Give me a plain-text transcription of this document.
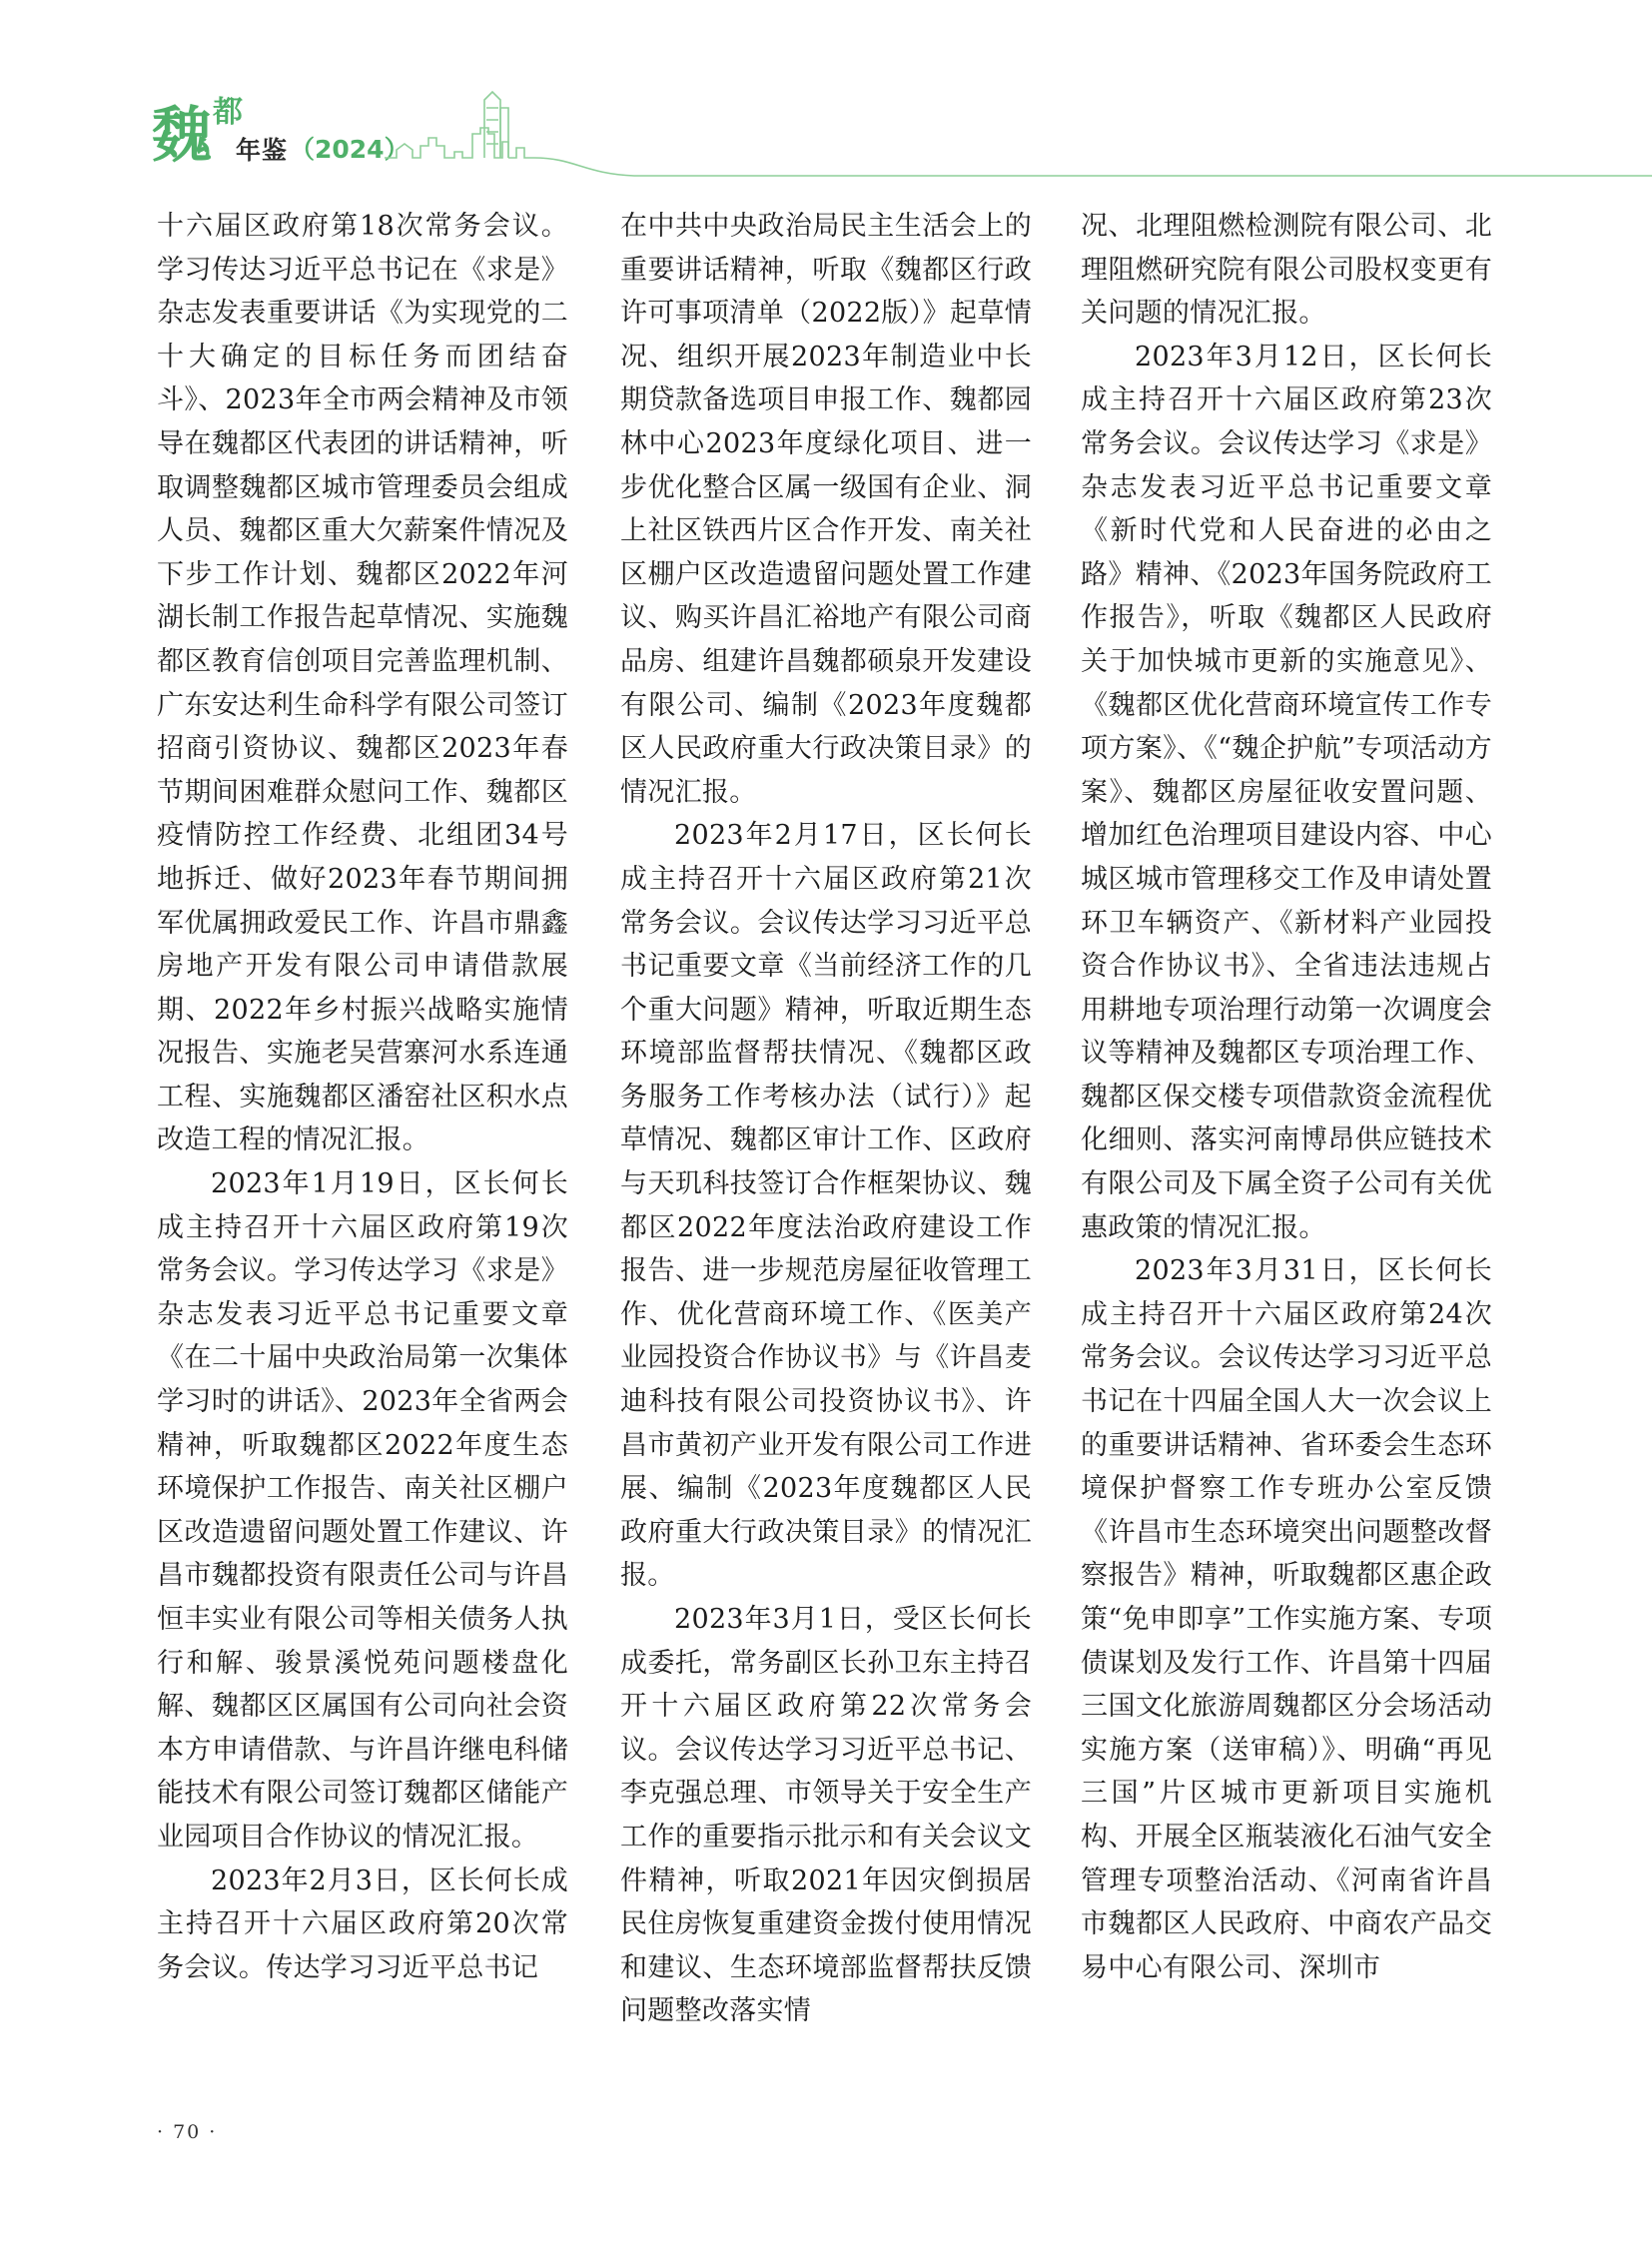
魏 都
年鉴 （2024）

十六届区政府第18次常务会议。学习传达习近平总书记在《求是》杂志发表重要讲话《为实现党的二十大确定的目标任务而团结奋斗》、2023年全市两会精神及市领导在魏都区代表团的讲话精神，听取调整魏都区城市管理委员会组成人员、魏都区重大欠薪案件情况及下步工作计划、魏都区2022年河湖长制工作报告起草情况、实施魏都区教育信创项目完善监理机制、广东安达利生命科学有限公司签订招商引资协议、魏都区2023年春节期间困难群众慰问工作、魏都区疫情防控工作经费、北组团34号地拆迁、做好2023年春节期间拥军优属拥政爱民工作、许昌市鼎鑫房地产开发有限公司申请借款展期、2022年乡村振兴战略实施情况报告、实施老吴营寨河水系连通工程、实施魏都区潘窑社区积水点改造工程的情况汇报。

2023年1月19日，区长何长成主持召开十六届区政府第19次常务会议。学习传达学习《求是》杂志发表习近平总书记重要文章《在二十届中央政治局第一次集体学习时的讲话》、2023年全省两会精神，听取魏都区2022年度生态环境保护工作报告、南关社区棚户区改造遗留问题处置工作建议、许昌市魏都投资有限责任公司与许昌恒丰实业有限公司等相关债务人执行和解、骏景溪悦苑问题楼盘化解、魏都区区属国有公司向社会资本方申请借款、与许昌许继电科储能技术有限公司签订魏都区储能产业园项目合作协议的情况汇报。

2023年2月3日，区长何长成主持召开十六届区政府第20次常务会议。传达学习习近平总书记

在中共中央政治局民主生活会上的重要讲话精神，听取《魏都区行政许可事项清单（2022版）》起草情况、组织开展2023年制造业中长期贷款备选项目申报工作、魏都园林中心2023年度绿化项目、进一步优化整合区属一级国有企业、洞上社区铁西片区合作开发、南关社区棚户区改造遗留问题处置工作建议、购买许昌汇裕地产有限公司商品房、组建许昌魏都硕泉开发建设有限公司、编制《2023年度魏都区人民政府重大行政决策目录》的情况汇报。

2023年2月17日，区长何长成主持召开十六届区政府第21次常务会议。会议传达学习习近平总书记重要文章《当前经济工作的几个重大问题》精神，听取近期生态环境部监督帮扶情况、《魏都区政务服务工作考核办法（试行）》起草情况、魏都区审计工作、区政府与天玑科技签订合作框架协议、魏都区2022年度法治政府建设工作报告、进一步规范房屋征收管理工作、优化营商环境工作、《医美产业园投资合作协议书》与《许昌麦迪科技有限公司投资协议书》、许昌市黄初产业开发有限公司工作进展、编制《2023年度魏都区人民政府重大行政决策目录》的情况汇报。

2023年3月1日，受区长何长成委托，常务副区长孙卫东主持召开十六届区政府第22次常务会议。会议传达学习习近平总书记、李克强总理、市领导关于安全生产工作的重要指示批示和有关会议文件精神，听取2021年因灾倒损居民住房恢复重建资金拨付使用情况和建议、生态环境部监督帮扶反馈问题整改落实情

况、北理阻燃检测院有限公司、北理阻燃研究院有限公司股权变更有关问题的情况汇报。

2023年3月12日，区长何长成主持召开十六届区政府第23次常务会议。会议传达学习《求是》杂志发表习近平总书记重要文章《新时代党和人民奋进的必由之路》精神、《2023年国务院政府工作报告》，听取《魏都区人民政府关于加快城市更新的实施意见》、《魏都区优化营商环境宣传工作专项方案》、《“魏企护航”专项活动方案》、魏都区房屋征收安置问题、增加红色治理项目建设内容、中心城区城市管理移交工作及申请处置环卫车辆资产、《新材料产业园投资合作协议书》、全省违法违规占用耕地专项治理行动第一次调度会议等精神及魏都区专项治理工作、魏都区保交楼专项借款资金流程优化细则、落实河南博昂供应链技术有限公司及下属全资子公司有关优惠政策的情况汇报。

2023年3月31日，区长何长成主持召开十六届区政府第24次常务会议。会议传达学习习近平总书记在十四届全国人大一次会议上的重要讲话精神、省环委会生态环境保护督察工作专班办公室反馈《许昌市生态环境突出问题整改督察报告》精神，听取魏都区惠企政策“免申即享”工作实施方案、专项债谋划及发行工作、许昌第十四届三国文化旅游周魏都区分会场活动实施方案（送审稿）》、明确“再见三国”片区城市更新项目实施机构、开展全区瓶装液化石油气安全管理专项整治活动、《河南省许昌市魏都区人民政府、中商农产品交易中心有限公司、深圳市

· 70 ·
